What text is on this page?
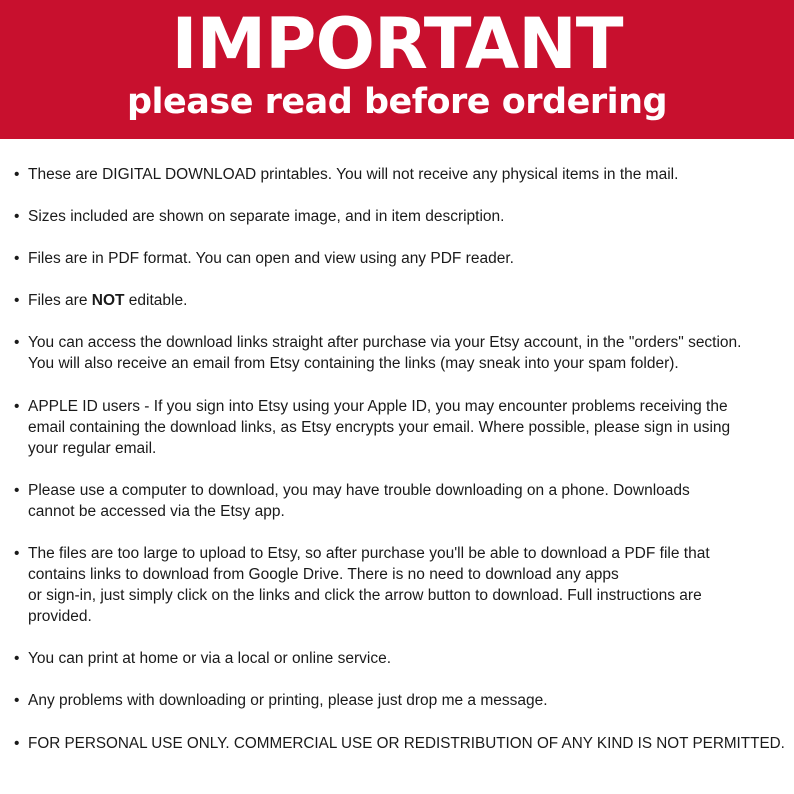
IMPORTANT
please read before ordering
• These are DIGITAL DOWNLOAD printables. You will not receive any physical items in the mail.
• Sizes included are shown on separate image, and in item description.
• Files are in PDF format. You can open and view using any PDF reader.
• Files are NOT editable.
• You can access the download links straight after purchase via your Etsy account, in the "orders" section.
You will also receive an email from Etsy containing the links (may sneak into your spam folder).
• APPLE ID users - If you sign into Etsy using your Apple ID, you may encounter problems receiving the
email containing the download links, as Etsy encrypts your email. Where possible, please sign in using
your regular email.
• Please use a computer to download, you may have trouble downloading on a phone. Downloads
cannot be accessed via the Etsy app.
• The files are too large to upload to Etsy, so after purchase you'll be able to download a PDF file that
contains links to download from Google Drive. There is no need to download any apps
or sign-in, just simply click on the links and click the arrow button to download. Full instructions are
provided.
• You can print at home or via a local or online service.
• Any problems with downloading or printing, please just drop me a message.
• FOR PERSONAL USE ONLY. COMMERCIAL USE OR REDISTRIBUTION OF ANY KIND IS NOT PERMITTED.
